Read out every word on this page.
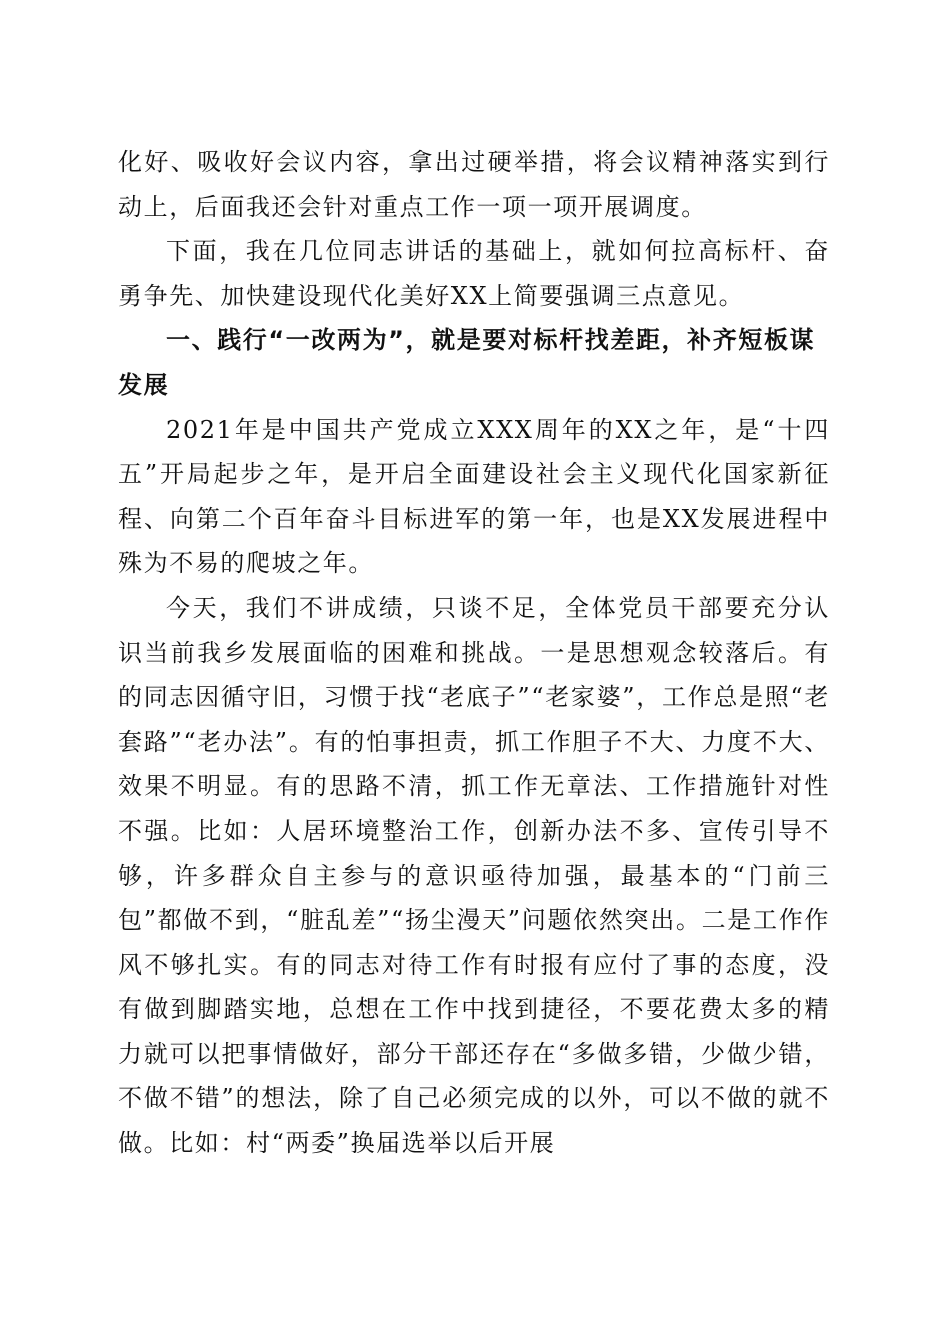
化好、吸收好会议内容，拿出过硬举措，将会议精神落实到行动上，后面我还会针对重点工作一项一项开展调度。

下面，我在几位同志讲话的基础上，就如何拉高标杆、奋勇争先、加快建设现代化美好XX上简要强调三点意见。

一、践行“一改两为”，就是要对标杆找差距，补齐短板谋发展

2021年是中国共产党成立XXX周年的XX之年，是“十四五”开局起步之年，是开启全面建设社会主义现代化国家新征程、向第二个百年奋斗目标进军的第一年，也是XX发展进程中殊为不易的爬坡之年。

今天，我们不讲成绩，只谈不足，全体党员干部要充分认识当前我乡发展面临的困难和挑战。一是思想观念较落后。有的同志因循守旧，习惯于找“老底子”“老家婆”，工作总是照“老套路”“老办法”。有的怕事担责，抓工作胆子不大、力度不大、效果不明显。有的思路不清，抓工作无章法、工作措施针对性不强。比如：人居环境整治工作，创新办法不多、宣传引导不够，许多群众自主参与的意识亟待加强，最基本的“门前三包”都做不到，“脏乱差”“扬尘漫天”问题依然突出。二是工作作风不够扎实。有的同志对待工作有时报有应付了事的态度，没有做到脚踏实地，总想在工作中找到捷径，不要花费太多的精力就可以把事情做好，部分干部还存在“多做多错，少做少错，不做不错”的想法，除了自己必须完成的以外，可以不做的就不做。比如：村“两委”换届选举以后开展
